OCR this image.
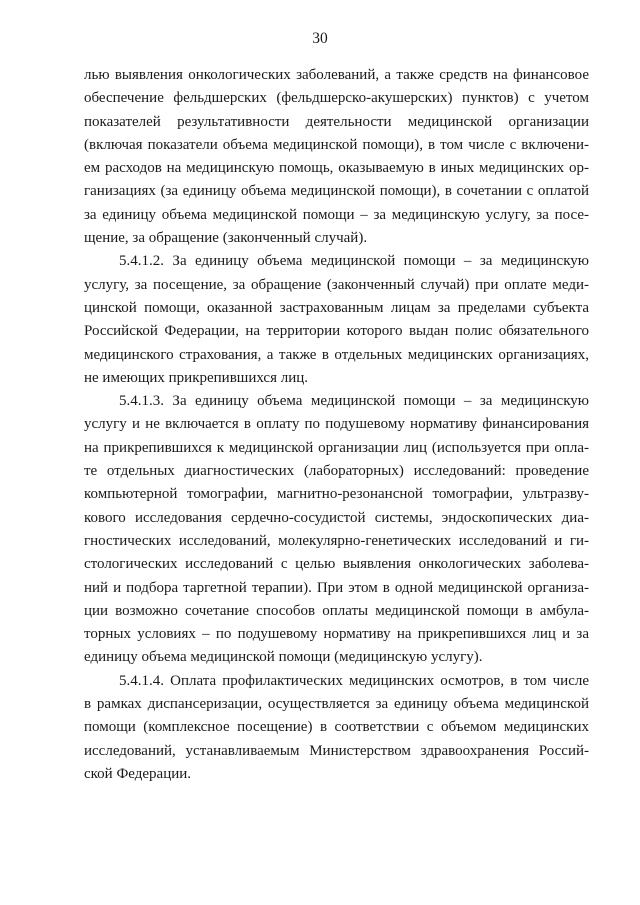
30
лью выявления онкологических заболеваний, а также средств на финансовое
обеспечение фельдшерских (фельдшерско-акушерских) пунктов) с учетом
показателей результативности деятельности медицинской организации
(включая показатели объема медицинской помощи), в том числе с включени-
ем расходов на медицинскую помощь, оказываемую в иных медицинских ор-
ганизациях (за единицу объема медицинской помощи), в сочетании с оплатой
за единицу объема медицинской помощи – за медицинскую услугу, за посе-
щение, за обращение (законченный случай).
5.4.1.2. За единицу объема медицинской помощи – за медицинскую
услугу, за посещение, за обращение (законченный случай) при оплате меди-
цинской помощи, оказанной застрахованным лицам за пределами субъекта
Российской Федерации, на территории которого выдан полис обязательного
медицинского страхования, а также в отдельных медицинских организациях,
не имеющих прикрепившихся лиц.
5.4.1.3. За единицу объема медицинской помощи – за медицинскую
услугу и не включается в оплату по подушевому нормативу финансирования
на прикрепившихся к медицинской организации лиц (используется при опла-
те отдельных диагностических (лабораторных) исследований: проведение
компьютерной томографии, магнитно-резонансной томографии, ультразву-
кового исследования сердечно-сосудистой системы, эндоскопических диа-
гностических исследований, молекулярно-генетических исследований и ги-
стологических исследований с целью выявления онкологических заболева-
ний и подбора таргетной терапии). При этом в одной медицинской организа-
ции возможно сочетание способов оплаты медицинской помощи в амбула-
торных условиях – по подушевому нормативу на прикрепившихся лиц и за
единицу объема медицинской помощи (медицинскую услугу).
5.4.1.4. Оплата профилактических медицинских осмотров, в том числе
в рамках диспансеризации, осуществляется за единицу объема медицинской
помощи (комплексное посещение) в соответствии с объемом медицинских
исследований, устанавливаемым Министерством здравоохранения Россий-
ской Федерации.
